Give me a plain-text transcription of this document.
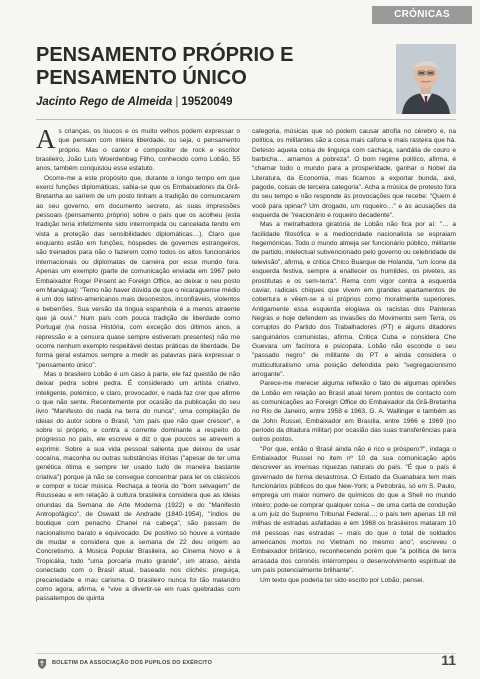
CRÓNICAS
PENSAMENTO PRÓPRIO E PENSAMENTO ÚNICO
Jacinto Rego de Almeida | 19520049

As crianças, os loucos e os muito velhos podem expressar o que pensam com inteira liberdade, ou seja, o pensamento próprio. Mas o cantor e compositor de rock e escritor brasileiro, João Luís Woerdenbag Filho, conhecido como Lobão, 55 anos, também conquistou esse estatuto.

Ocorre-me a este propósito que, durante o longo tempo em que exerci funções diplomáticas, sabia-se que os Embaixadores da Grã-Bretanha ao saírem de um posto tinham a tradição de comunicarem ao seu governo, em documento secreto, as suas impressões pessoais (pensamento próprio) sobre o país que os acolheu (esta tradição teria infelizmente sido interrompida ou cancelada tendo em vista a proteção das sensibilidades diplomáticas…). Claro que enquanto estão em funções, hóspedes de governos estrangeiros, são treinados para não o fazerem como todos os altos funcionários internacionais ou diplomatas de carreira por esse mundo fora. Apenas um exemplo (parte de comunicação enviada em 1967 pelo Embaixador Roger Pinsent ao Foreign Office, ao deixar o seu posto em Manágua): "Temo não haver dúvida de que o nicaraguense médio é um dos latino-americanos mais desonestos, inconfiáveis, violentos e beberrões. Sua versão da língua espanhola é a menos atraente que já ouvi." Num país com pouca tradição de liberdade como Portugal (na nossa História, com exceção dos últimos anos, a repressão e a censura quase sempre estiveram presentes) não me ocorre nenhum exemplo respeitável destas práticas de liberdade. De forma geral estamos sempre a medir as palavras para expressar o "pensamento único".

Mas o brasileiro Lobão é um caso à parte, ele faz questão de não deixar pedra sobre pedra. É considerado um artista criativo, inteligente, polémico, e claro, provocador, e nada faz crer que afirme o que não sente. Recentemente por ocasião da publicação do seu livro "Manifesto do nada na terra do nunca", uma compilação de ideias do autor sobre o Brasil, "um país que não quer crescer", e sobre si próprio, e contra a corrente dominante a respeito do progresso no país, ele escreve e diz o que poucos se atrevem a exprimir. Sobre a sua vida pessoal salienta que deixou de usar cocaína, maconha ou outras substâncias ilícitas ("apesar de ter uma genética ótima e sempre ter usado tudo de maneira bastante criativa") porque já não se consegue concentrar para ler os clássicos e compor e tocar música. Rechaça a teoria do "bom selvagem" de Rousseau e em relação à cultura brasileira considera que as ideias oriundas da Semana de Arte Moderna (1922) e do "Manifesto Antropofágico", de Oswald de Andrade (1840-1954), "índios de boutique com penacho Chanel na cabeça", são passam de nacionalismo barato e equivocado. De positivo só houve a vontade de mudar e considera que a semana de 22 deu origem ao Concretismo, à Música Popular Brasileira, ao Cinema Novo e à Tropicália, tudo "uma porcaria muito grande", um atraso, ainda conectado com o Brasil atual, baseado nos clichés: preguiça, precariedade e mau carisma. O brasileiro nunca foi tão malandro como agora, afirma, e "vive a divertir-se em ruas quebradas com passatempos de quinta

categoria, músicas que só podem causar atrofia no cérebro e, na política, os militantes são a coisa mais cafona e mais rasteira que há. Detesto aquela coisa de linguiça com cachaça, sandália de couro e barbicha… amamos a pobreza". O bom regime político, afirma, é "chamar todo o mundo para a prosperidade, ganhar o Nobel da Literatura, da Economia, mas ficamos a exportar bunda, axé, pagode, coisas de terceira categoria". Acha a música de protesto fora do seu tempo e não responde às provocações que recebe: "Quem é você para opinar? Um drogado, um roqueiro…" e às acusações da esquerda de "reacionário e roqueiro decadente".

Mas a metralhadora giratória de Lobão não fica por aí: "… a facilidade filosófica e a mediocridade nacionalista se espraiam hegemónicas. Todo o mundo almeja ser funcionário público, militante de partido, intelectual subvencionado pelo governo ou celebridade de televisão", afirma, e critica Chico Buarque de Holanda, "um ícone da esquerda festiva, sempre a enaltecer os humildes, os pivetes, as prostitutas e os sem-terra". Rema com vigor contra a esquerda caviar, radicais chiques que vivem em grandes apartamentos de cobertura e vêem-se a si próprios como moralmente superiores. Antigamente essa esquerda elogiava os racistas dos Panteras Negras e hoje defendem as invasões do Movimento sem Terra, os corruptos do Partido dos Trabalhadores (PT) e alguns ditadores sanguinários comunistas, afirma. Critica Cuba e considera Che Guevara um facínora e psicopata. Lobão não esconde o seu "passado negro" de militante do PT e ainda considera o multiculturalismo uma posição defendida pelo "segregacionismo arrogante".

Parece-me merecer alguma reflexão o fato de algumas opiniões de Lobão em relação ao Brasil atual terem pontos de contacto com as comunicações ao Foreign Office do Embaixador da Grã-Bretanha no Rio de Janeiro, entre 1958 e 1963, G. A. Wallinger e também as de John Russel, Embaixador em Brasília, entre 1966 e 1969 (no período da ditadura militar) por ocasião das suas transferências para outros postos.

"Por que, então o Brasil ainda não é rico e próspero?", indaga o Embaixador Russel no item nº 10 da sua comunicação após descrever as imensas riquezas naturais do país. "É que o país é governado de forma desastrosa. O Estado da Guanabara tem mais funcionários públicos do que New-York; a Petrobrás, só em S. Paulo, emprega um maior número de químicos do que a Shell no mundo inteiro; pode-se comprar qualquer coisa – de uma carta de condução a um juiz do Supremo Tribunal Federal…; o país tem apenas 18 mil milhas de estradas asfaltadas e em 1968 os brasileiros mataram 10 mil pessoas nas estradas – mais do que o total de soldados americanos mortos no Vietnam no mesmo ano", escreveu o Embaixador britânico, reconhecendo porém que "a política de terra arrasada dos coronéis interrompeu o desenvolvimento espiritual de um país potencialmente brilhante".

Um texto que poderia ter sido escrito por Lobão, pensei.

BOLETIM DA ASSOCIAÇÃO DOS PUPILOS DO EXÉRCITO	11
